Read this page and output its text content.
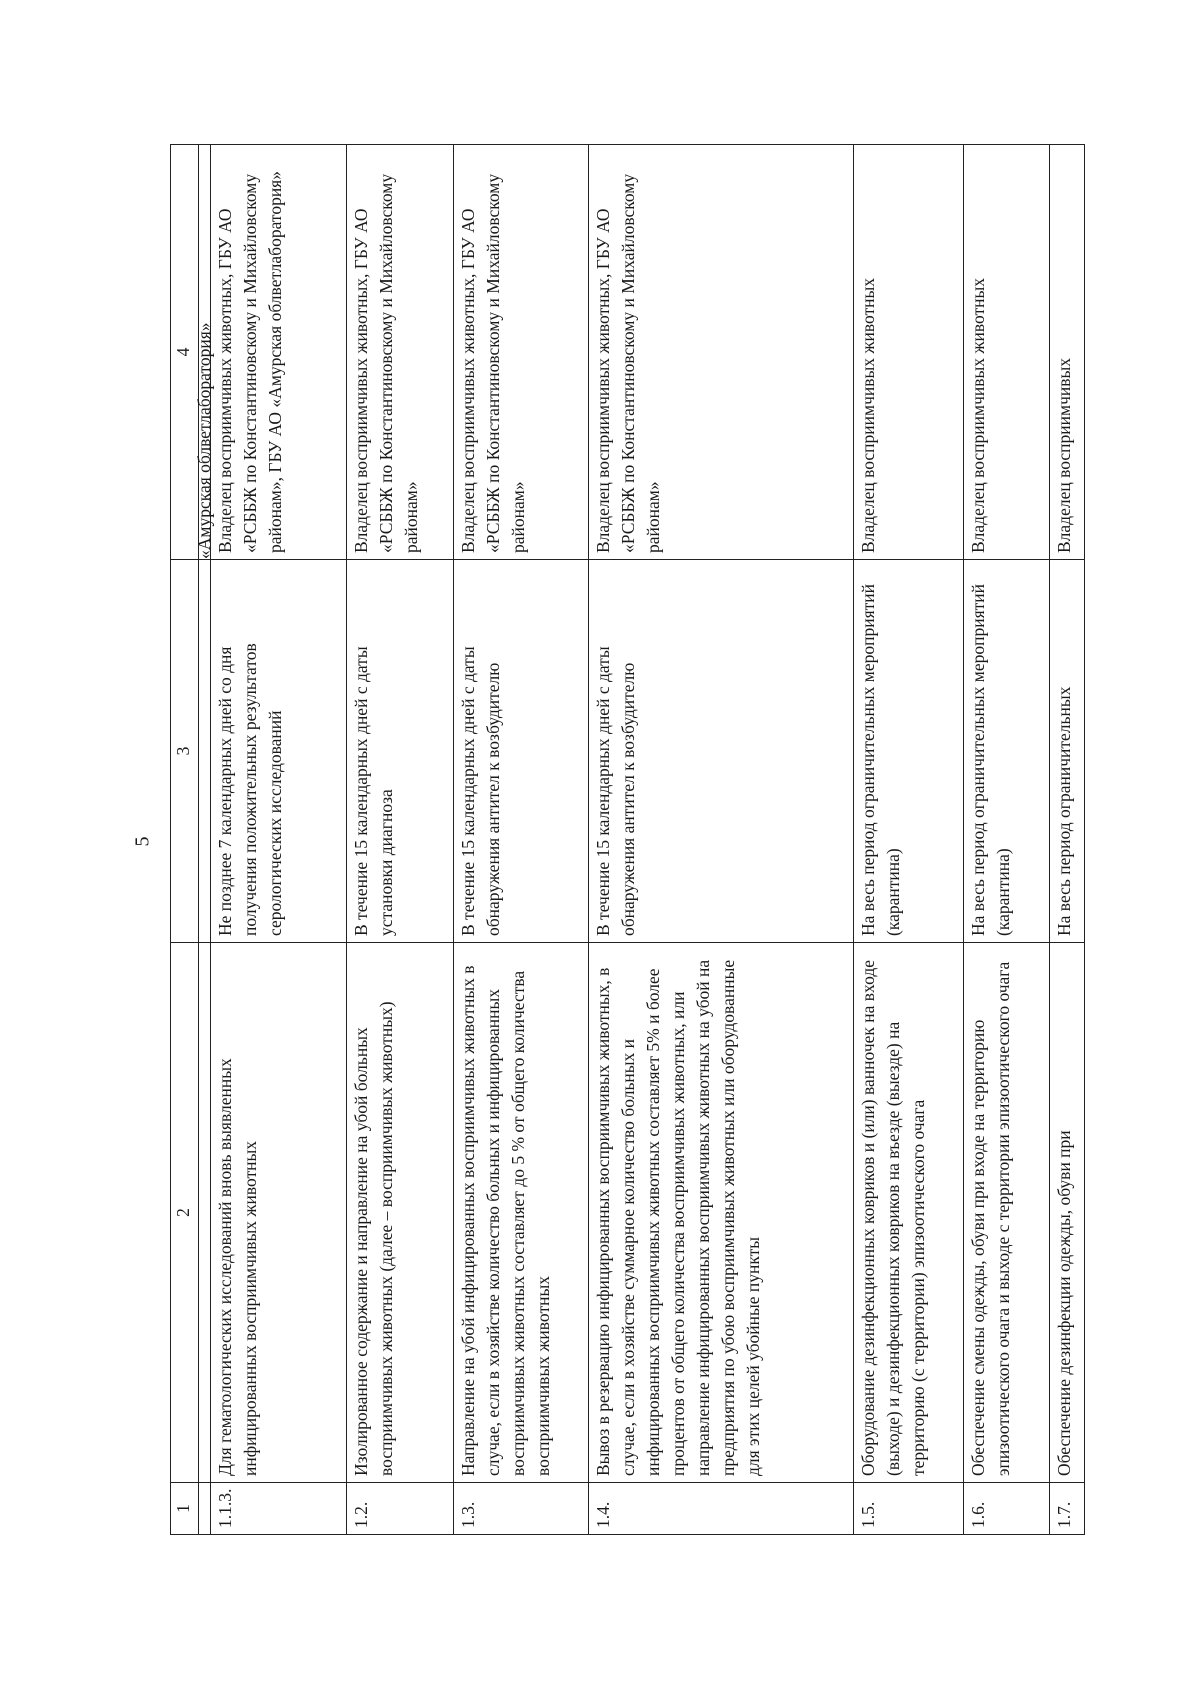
5
1	2	3	4
			«Амурская облветлаборатория»
1.1.3.	Для гематологических исследований вновь выявленных инфицированных восприимчивых животных	Не позднее 7 календарных дней со дня получения положительных результатов серологических исследований	Владелец восприимчивых животных, ГБУ АО «РСББЖ по Константиновскому и Михайловскому районам», ГБУ АО «Амурская облветлаборатория»
1.2.	Изолированное содержание и направление на убой больных восприимчивых животных (далее – восприимчивых животных)	В течение 15 календарных дней с даты установки диагноза	Владелец восприимчивых животных, ГБУ АО «РСББЖ по Константиновскому и Михайловскому районам»
1.3.	Направление на убой инфицированных восприимчивых животных в случае, если в хозяйстве количество больных и инфицированных восприимчивых животных составляет до 5 % от общего количества восприимчивых животных	В течение 15 календарных дней с даты обнаружения антител к возбудителю	Владелец восприимчивых животных, ГБУ АО «РСББЖ по Константиновскому и Михайловскому районам»
1.4.	Вывоз в резервацию инфицированных восприимчивых животных, в случае, если в хозяйстве суммарное количество больных и инфицированных восприимчивых животных составляет 5% и более процентов от общего количества восприимчивых животных, или направление инфицированных восприимчивых животных на убой на предприятия по убою восприимчивых животных или оборудованные для этих целей убойные пункты	В течение 15 календарных дней с даты обнаружения антител к возбудителю	Владелец восприимчивых животных, ГБУ АО «РСББЖ по Константиновскому и Михайловскому районам»
1.5.	Оборудование дезинфекционных ковриков и (или) ванночек на входе (выходе) и дезинфекционных ковриков на въезде (выезде) на территорию (с территории) эпизоотического очага	На весь период ограничительных мероприятий (карантина)	Владелец восприимчивых животных
1.6.	Обеспечение смены одежды, обуви при входе на территорию эпизоотического очага и выходе с территории эпизоотического очага	На весь период ограничительных мероприятий (карантина)	Владелец восприимчивых животных
1.7.	Обеспечение дезинфекции одежды, обуви при	На весь период ограничительных	Владелец восприимчивых
